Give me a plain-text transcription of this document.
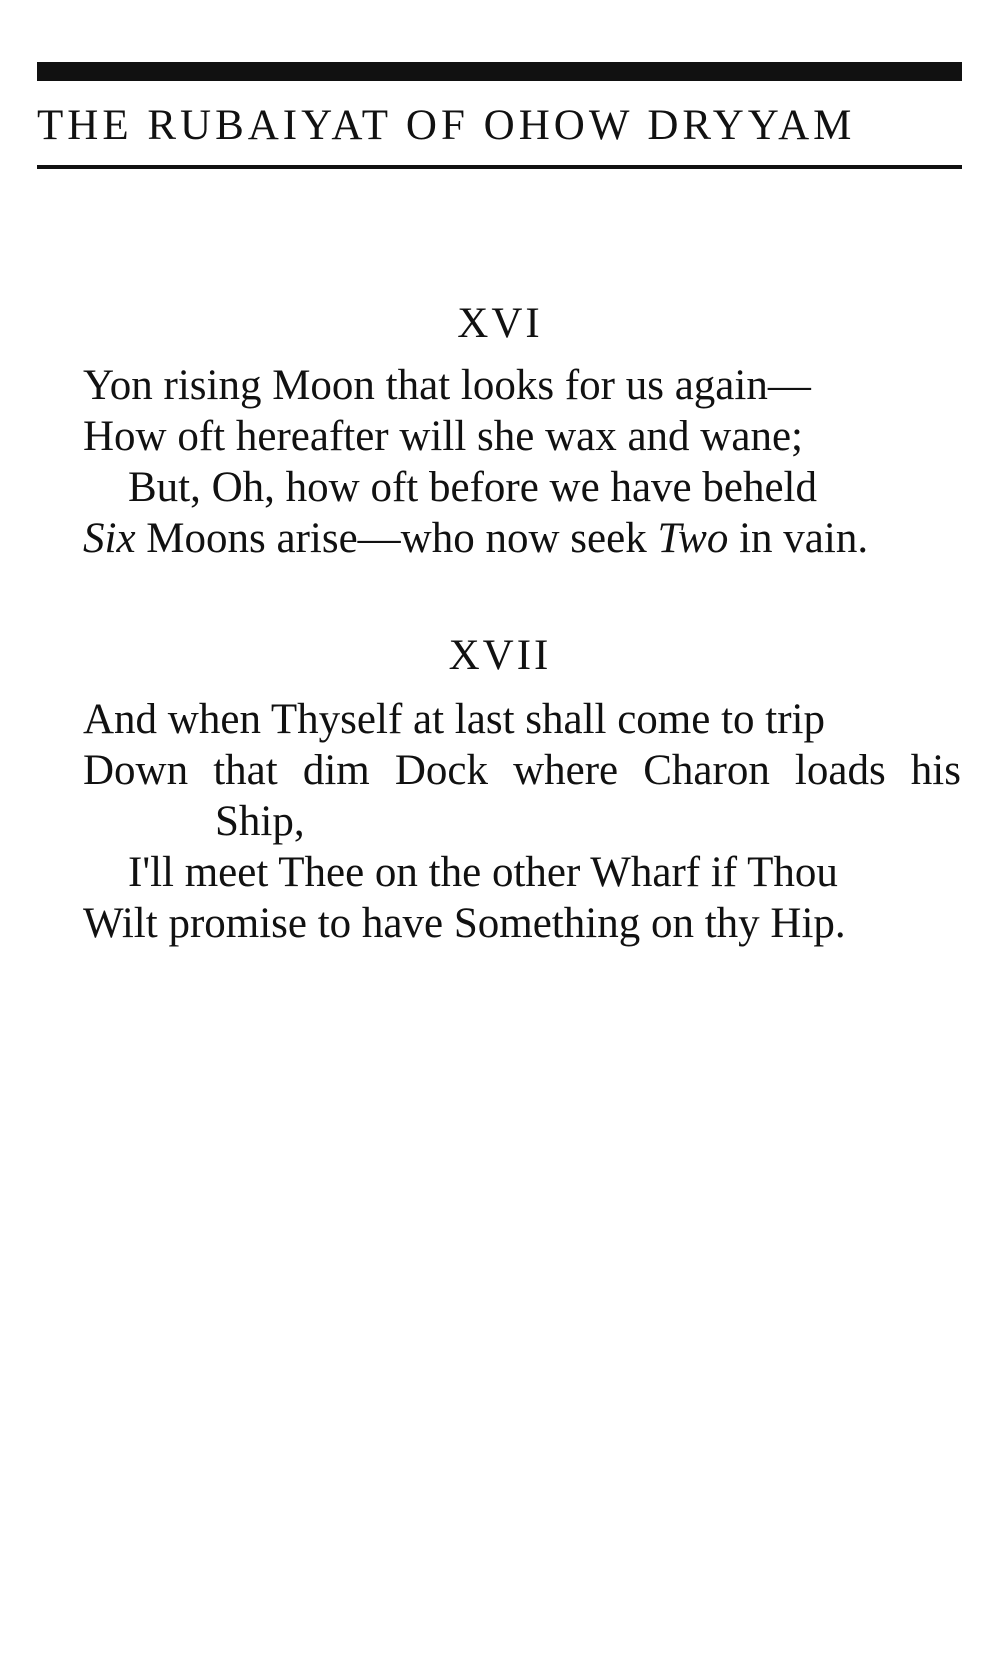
THE RUBAIYAT OF OHOW DRYYAM
XVI
Yon rising Moon that looks for us again—
How oft hereafter will she wax and wane;
But, Oh, how oft before we have beheld
Six Moons arise—who now seek Two in vain.
XVII
And when Thyself at last shall come to trip
Down that dim Dock where Charon loads his
Ship,
I'll meet Thee on the other Wharf if Thou
Wilt promise to have Something on thy Hip.
